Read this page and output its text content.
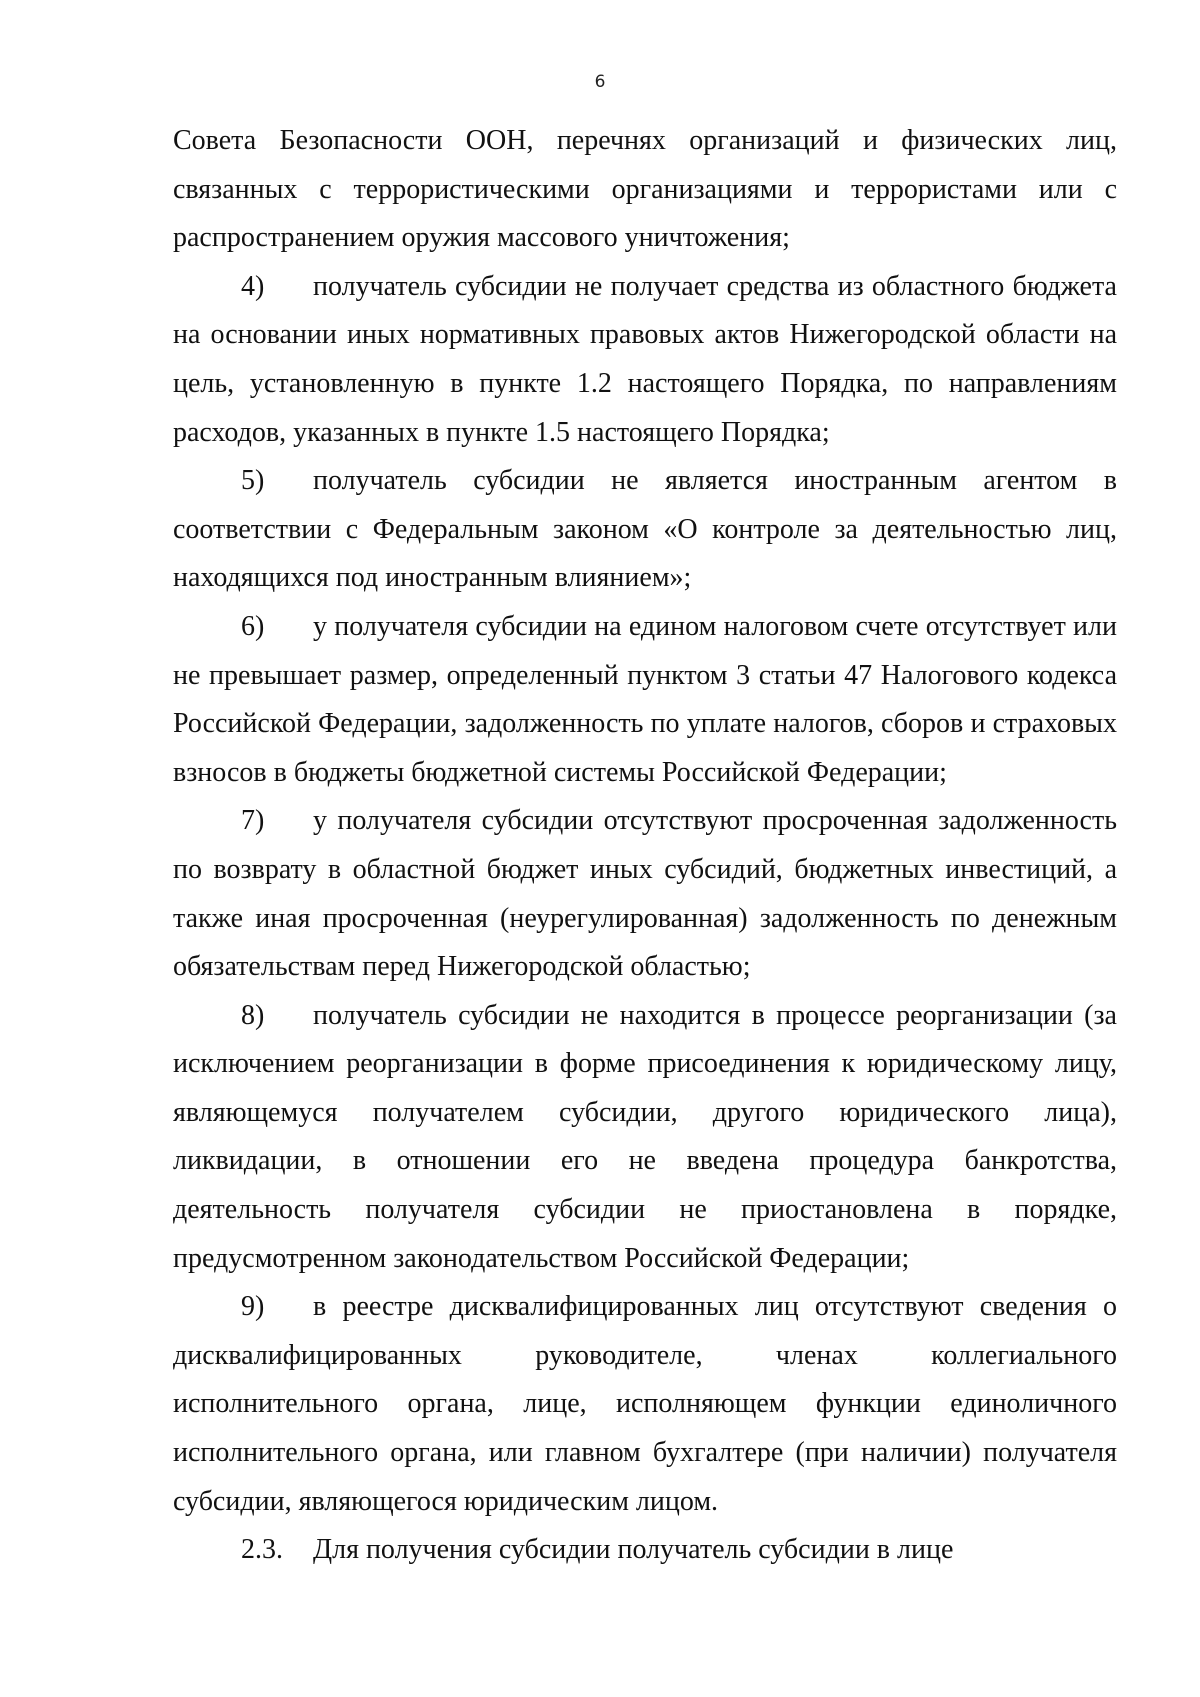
6

Совета Безопасности ООН, перечнях организаций и физических лиц, связанных с террористическими организациями и террористами или с распространением оружия массового уничтожения;

4) получатель субсидии не получает средства из областного бюджета на основании иных нормативных правовых актов Нижегородской области на цель, установленную в пункте 1.2 настоящего Порядка, по направлениям расходов, указанных в пункте 1.5 настоящего Порядка;

5) получатель субсидии не является иностранным агентом в соответствии с Федеральным законом «О контроле за деятельностью лиц, находящихся под иностранным влиянием»;

6) у получателя субсидии на едином налоговом счете отсутствует или не превышает размер, определенный пунктом 3 статьи 47 Налогового кодекса Российской Федерации, задолженность по уплате налогов, сборов и страховых взносов в бюджеты бюджетной системы Российской Федерации;

7) у получателя субсидии отсутствуют просроченная задолженность по возврату в областной бюджет иных субсидий, бюджетных инвестиций, а также иная просроченная (неурегулированная) задолженность по денежным обязательствам перед Нижегородской областью;

8) получатель субсидии не находится в процессе реорганизации (за исключением реорганизации в форме присоединения к юридическому лицу, являющемуся получателем субсидии, другого юридического лица), ликвидации, в отношении его не введена процедура банкротства, деятельность получателя субсидии не приостановлена в порядке, предусмотренном законодательством Российской Федерации;

9) в реестре дисквалифицированных лиц отсутствуют сведения о дисквалифицированных руководителе, членах коллегиального исполнительного органа, лице, исполняющем функции единоличного исполнительного органа, или главном бухгалтере (при наличии) получателя субсидии, являющегося юридическим лицом.

2.3. Для получения субсидии получатель субсидии в лице
